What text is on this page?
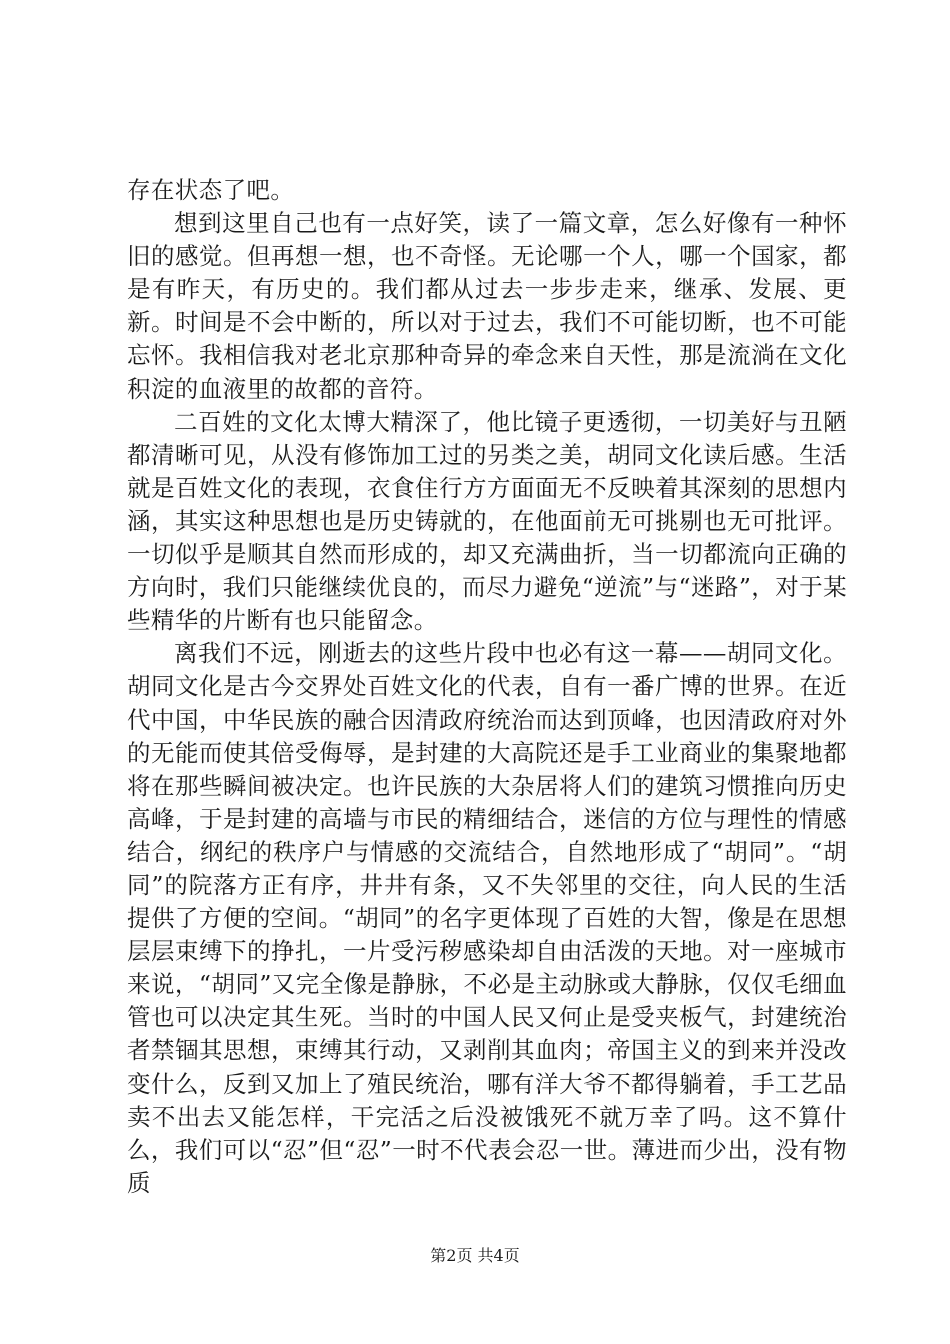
存在状态了吧。

想到这里自己也有一点好笑，读了一篇文章，怎么好像有一种怀旧的感觉。但再想一想，也不奇怪。无论哪一个人，哪一个国家，都是有昨天，有历史的。我们都从过去一步步走来，继承、发展、更新。时间是不会中断的，所以对于过去，我们不可能切断，也不可能忘怀。我相信我对老北京那种奇异的牵念来自天性，那是流淌在文化积淀的血液里的故都的音符。

二百姓的文化太博大精深了，他比镜子更透彻，一切美好与丑陋都清晰可见，从没有修饰加工过的另类之美，胡同文化读后感。生活就是百姓文化的表现，衣食住行方方面面无不反映着其深刻的思想内涵，其实这种思想也是历史铸就的，在他面前无可挑剔也无可批评。一切似乎是顺其自然而形成的，却又充满曲折，当一切都流向正确的方向时，我们只能继续优良的，而尽力避免“逆流”与“迷路”，对于某些精华的片断有也只能留念。

离我们不远，刚逝去的这些片段中也必有这一幕——胡同文化。胡同文化是古今交界处百姓文化的代表，自有一番广博的世界。在近代中国，中华民族的融合因清政府统治而达到顶峰，也因清政府对外的无能而使其倍受侮辱，是封建的大高院还是手工业商业的集聚地都将在那些瞬间被决定。也许民族的大杂居将人们的建筑习惯推向历史高峰，于是封建的高墙与市民的精细结合，迷信的方位与理性的情感结合，纲纪的秩序户与情感的交流结合，自然地形成了“胡同”。“胡同”的院落方正有序，井井有条，又不失邻里的交往，向人民的生活提供了方便的空间。“胡同”的名字更体现了百姓的大智，像是在思想层层束缚下的挣扎，一片受污秽感染却自由活泼的天地。对一座城市来说，“胡同”又完全像是静脉，不必是主动脉或大静脉，仅仅毛细血管也可以决定其生死。当时的中国人民又何止是受夹板气，封建统治者禁锢其思想，束缚其行动，又剥削其血肉；帝国主义的到来并没改变什么，反到又加上了殖民统治，哪有洋大爷不都得躺着，手工艺品卖不出去又能怎样，干完活之后没被饿死不就万幸了吗。这不算什么，我们可以“忍”但“忍”一时不代表会忍一世。薄进而少出，没有物质

第2页 共4页
